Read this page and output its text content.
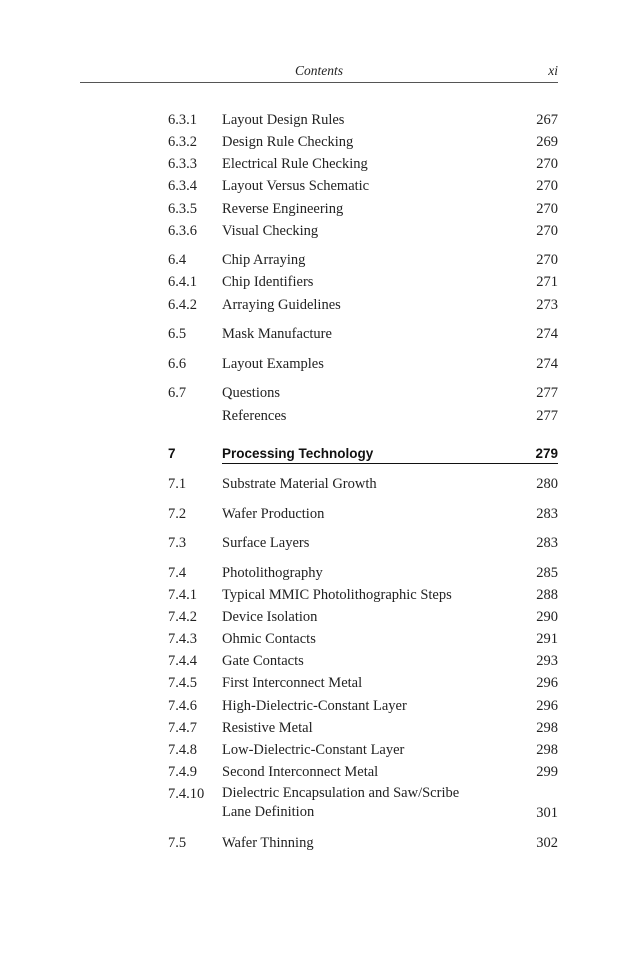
Contents	xi
6.3.1 Layout Design Rules	267
6.3.2 Design Rule Checking	269
6.3.3 Electrical Rule Checking	270
6.3.4 Layout Versus Schematic	270
6.3.5 Reverse Engineering	270
6.3.6 Visual Checking	270
6.4 Chip Arraying	270
6.4.1 Chip Identifiers	271
6.4.2 Arraying Guidelines	273
6.5 Mask Manufacture	274
6.6 Layout Examples	274
6.7 Questions	277
References	277
7	Processing Technology	279
7.1 Substrate Material Growth	280
7.2 Wafer Production	283
7.3 Surface Layers	283
7.4 Photolithography	285
7.4.1 Typical MMIC Photolithographic Steps	288
7.4.2 Device Isolation	290
7.4.3 Ohmic Contacts	291
7.4.4 Gate Contacts	293
7.4.5 First Interconnect Metal	296
7.4.6 High-Dielectric-Constant Layer	296
7.4.7 Resistive Metal	298
7.4.8 Low-Dielectric-Constant Layer	298
7.4.9 Second Interconnect Metal	299
7.4.10 Dielectric Encapsulation and Saw/Scribe
Lane Definition	301
7.5 Wafer Thinning	302
